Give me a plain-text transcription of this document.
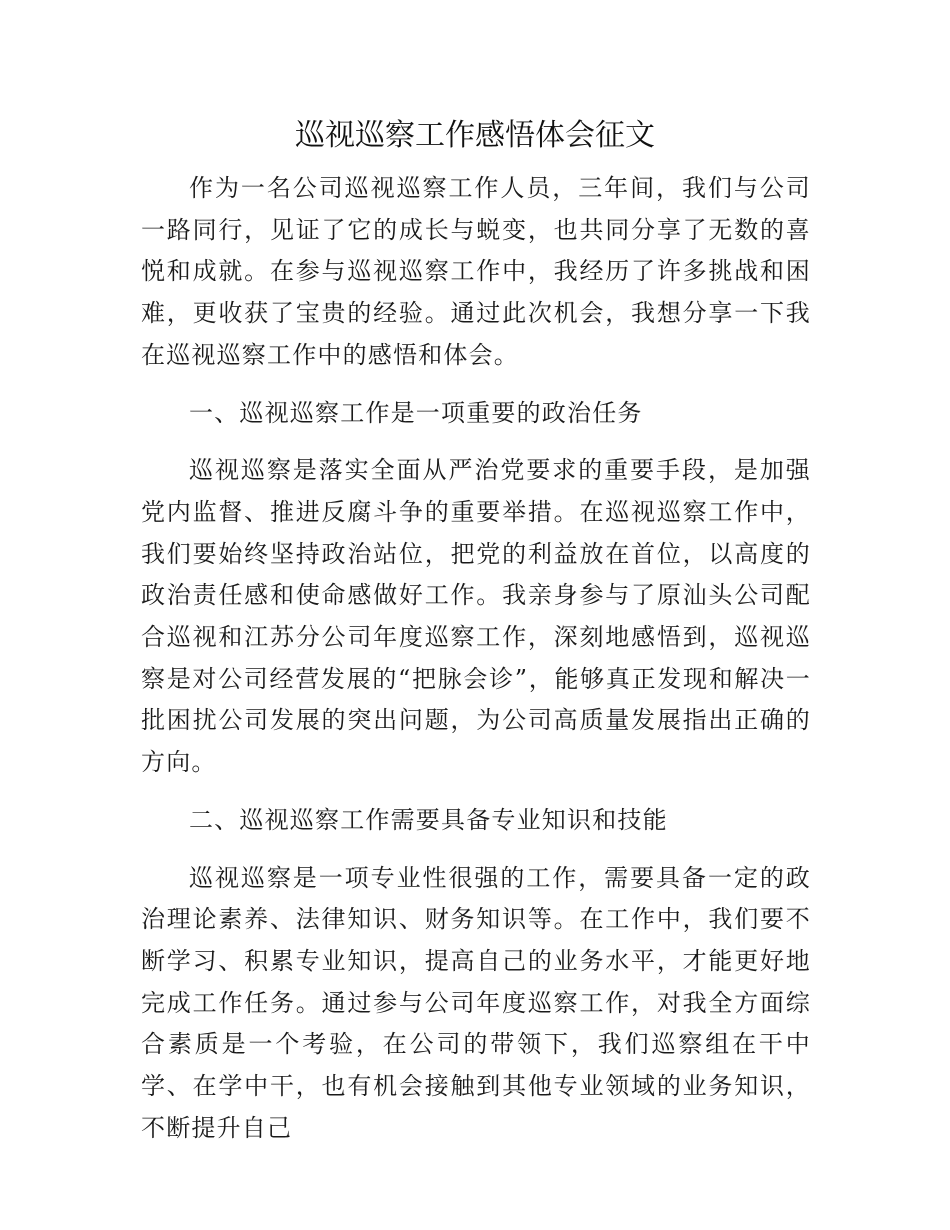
巡视巡察工作感悟体会征文

作为一名公司巡视巡察工作人员，三年间，我们与公司一路同行，见证了它的成长与蜕变，也共同分享了无数的喜悦和成就。在参与巡视巡察工作中，我经历了许多挑战和困难，更收获了宝贵的经验。通过此次机会，我想分享一下我在巡视巡察工作中的感悟和体会。

一、巡视巡察工作是一项重要的政治任务

巡视巡察是落实全面从严治党要求的重要手段，是加强党内监督、推进反腐斗争的重要举措。在巡视巡察工作中，我们要始终坚持政治站位，把党的利益放在首位，以高度的政治责任感和使命感做好工作。我亲身参与了原汕头公司配合巡视和江苏分公司年度巡察工作，深刻地感悟到，巡视巡察是对公司经营发展的“把脉会诊”，能够真正发现和解决一批困扰公司发展的突出问题，为公司高质量发展指出正确的方向。

二、巡视巡察工作需要具备专业知识和技能

巡视巡察是一项专业性很强的工作，需要具备一定的政治理论素养、法律知识、财务知识等。在工作中，我们要不断学习、积累专业知识，提高自己的业务水平，才能更好地完成工作任务。通过参与公司年度巡察工作，对我全方面综合素质是一个考验，在公司的带领下，我们巡察组在干中学、在学中干，也有机会接触到其他专业领域的业务知识，不断提升自己
